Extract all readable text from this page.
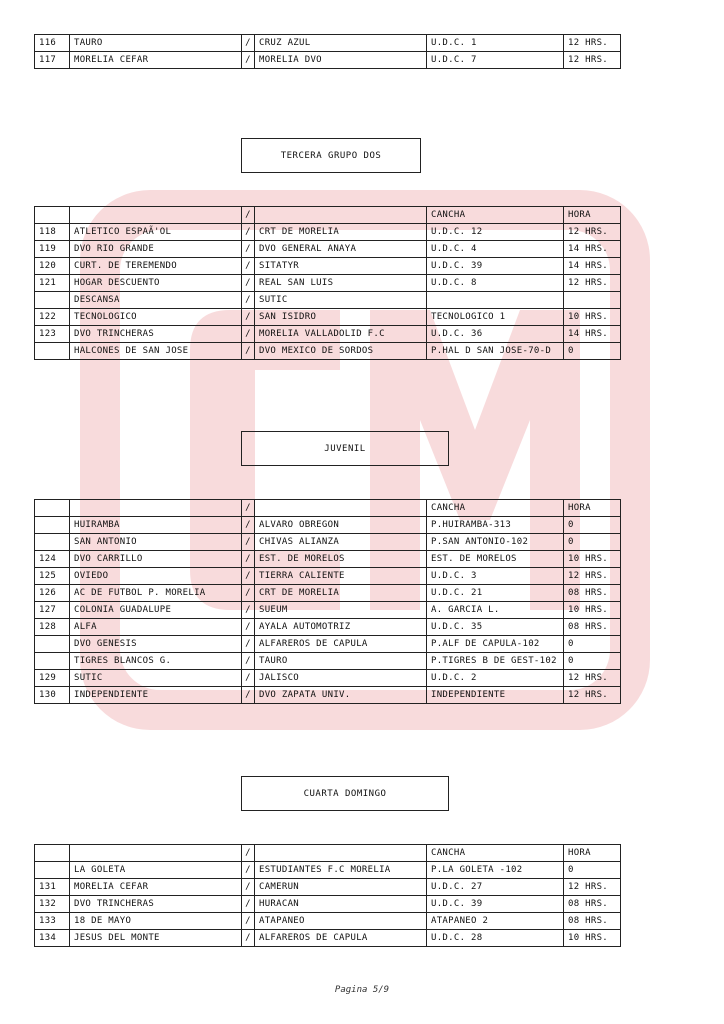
116	TAURO	/	CRUZ AZUL	U.D.C. 1	12 HRS.
117	MORELIA CEFAR	/	MORELIA DVO	U.D.C. 7	12 HRS.
TERCERA GRUPO DOS
		/		CANCHA	HORA
118	ATLETICO ESPAÃ'OL	/	CRT DE MORELIA	U.D.C. 12	12 HRS.
119	DVO RIO GRANDE	/	DVO GENERAL ANAYA	U.D.C. 4	14 HRS.
120	CURT. DE TEREMENDO	/	SITATYR	U.D.C. 39	14 HRS.
121	HOGAR DESCUENTO	/	REAL SAN LUIS	U.D.C. 8	12 HRS.
	DESCANSA	/	SUTIC		
122	TECNOLOGICO	/	SAN ISIDRO	TECNOLOGICO 1	10 HRS.
123	DVO TRINCHERAS	/	MORELIA VALLADOLID F.C	U.D.C. 36	14 HRS.
	HALCONES DE SAN JOSE	/	DVO MEXICO DE SORDOS	P.HAL D SAN JOSE-70-D	0
JUVENIL
		/		CANCHA	HORA
	HUIRAMBA	/	ALVARO OBREGON	P.HUIRAMBA-313	0
	SAN ANTONIO	/	CHIVAS ALIANZA	P.SAN ANTONIO-102	0
124	DVO CARRILLO	/	EST. DE MORELOS	EST. DE MORELOS	10 HRS.
125	OVIEDO	/	TIERRA CALIENTE	U.D.C. 3	12 HRS.
126	AC DE FUTBOL P. MORELIA	/	CRT DE MORELIA	U.D.C. 21	08 HRS.
127	COLONIA GUADALUPE	/	SUEUM	A. GARCIA L.	10 HRS.
128	ALFA	/	AYALA AUTOMOTRIZ	U.D.C. 35	08 HRS.
	DVO GENESIS	/	ALFAREROS DE CAPULA	P.ALF DE CAPULA-102	0
	TIGRES BLANCOS G.	/	TAURO	P.TIGRES B DE GEST-102	0
129	SUTIC	/	JALISCO	U.D.C. 2	12 HRS.
130	INDEPENDIENTE	/	DVO ZAPATA UNIV.	INDEPENDIENTE	12 HRS.
CUARTA DOMINGO
		/		CANCHA	HORA
	LA GOLETA	/	ESTUDIANTES F.C MORELIA	P.LA GOLETA -102	0
131	MORELIA CEFAR	/	CAMERUN	U.D.C. 27	12 HRS.
132	DVO TRINCHERAS	/	HURACAN	U.D.C. 39	08 HRS.
133	18 DE MAYO	/	ATAPANEO	ATAPANEO 2	08 HRS.
134	JESUS DEL MONTE	/	ALFAREROS DE CAPULA	U.D.C. 28	10 HRS.
Pagina 5/9
